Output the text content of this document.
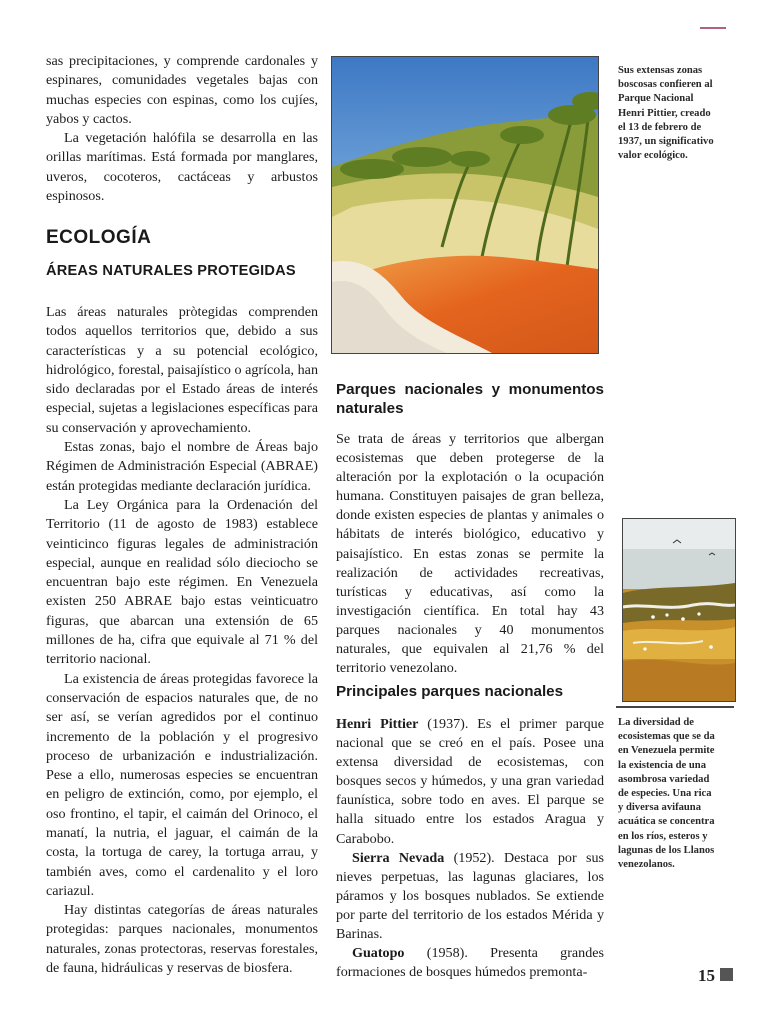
sas precipitaciones, y comprende cardonales y espinares, comunidades vegetales bajas con muchas especies con espinas, como los cujíes, yabos y cactos.

La vegetación halófila se desarrolla en las orillas marítimas. Está formada por manglares, uveros, cocoteros, cactáceas y arbustos espinosos.

ECOLOGÍA
ÁREAS NATURALES PROTEGIDAS

Las áreas naturales pròtegidas comprenden todos aquellos territorios que, debido a sus características y a su potencial ecológico, hidrológico, forestal, paisajístico o agrícola, han sido declaradas por el Estado áreas de interés especial, sujetas a legislaciones específicas para su conservación y aprovechamiento.

Estas zonas, bajo el nombre de Áreas bajo Régimen de Administración Especial (ABRAE) están protegidas mediante declaración jurídica.

La Ley Orgánica para la Ordenación del Territorio (11 de agosto de 1983) establece veinticinco figuras legales de administración especial, aunque en realidad sólo dieciocho se encuentran bajo este régimen. En Venezuela existen 250 ABRAE bajo estas veinticuatro figuras, que abarcan una extensión de 65 millones de ha, cifra que equivale al 71 % del territorio nacional.

La existencia de áreas protegidas favorece la conservación de espacios naturales que, de no ser así, se verían agredidos por el continuo incremento de la población y el progresivo proceso de urbanización e industrialización. Pese a ello, numerosas especies se encuentran en peligro de extinción, como, por ejemplo, el oso frontino, el tapir, el caimán del Orinoco, el manatí, la nutria, el jaguar, el caimán de la costa, la tortuga de carey, la tortuga arrau, y también aves, como el cardenalito y el loro cariazul.

Hay distintas categorías de áreas naturales protegidas: parques nacionales, monumentos naturales, zonas protectoras, reservas forestales, de fauna, hidráulicas y reservas de biosfera.

Sus extensas zonas boscosas confieren al Parque Nacional Henri Pittier, creado el 13 de febrero de 1937, un significativo valor ecológico.
Parques nacionales y monumentos naturales

Se trata de áreas y territorios que albergan ecosistemas que deben protegerse de la alteración por la explotación o la ocupación humana. Constituyen paisajes de gran belleza, donde existen especies de plantas y animales o hábitats de interés biológico, educativo y paisajístico. En estas zonas se permite la realización de actividades recreativas, turísticas y educativas, así como la investigación científica. En total hay 43 parques nacionales y 40 monumentos naturales, que equivalen al 21,76 % del territorio venezolano.

Principales parques nacionales

Henri Pittier (1937). Es el primer parque nacional que se creó en el país. Posee una extensa diversidad de ecosistemas, con bosques secos y húmedos, y una gran variedad faunística, sobre todo en aves. El parque se halla situado entre los estados Aragua y Carabobo.

Sierra Nevada (1952). Destaca por sus nieves perpetuas, las lagunas glaciares, los páramos y los bosques nublados. Se extiende por parte del territorio de los estados Mérida y Barinas.

Guatopo (1958). Presenta grandes formaciones de bosques húmedos premonta-

La diversidad de ecosistemas que se da en Venezuela permite la existencia de una asombrosa variedad de especies. Una rica y diversa avifauna acuática se concentra en los ríos, esteros y lagunas de los Llanos venezolanos.
15
